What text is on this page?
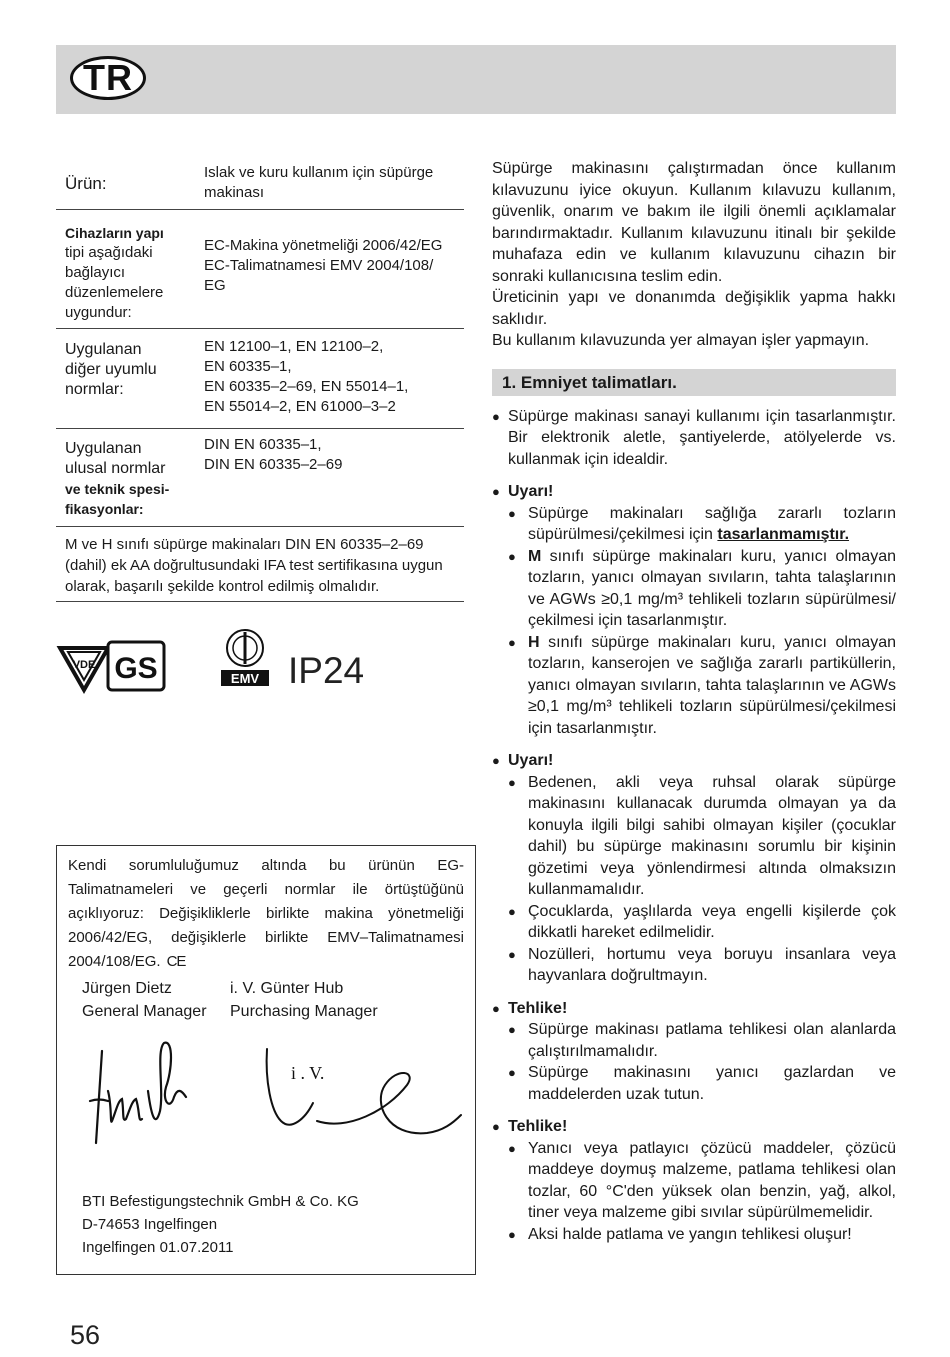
TR
Ürün:
Islak ve kuru kullanım için süpürge
makinası
Cihazların yapı
tipi aşağıdaki
bağlayıcı
düzenlemelere
uygundur:
EC-Makina yönetmeliği 2006/42/EG
EC-Talimatnamesi EMV 2004/108/
EG
Uygulanan
diğer uyumlu
normlar:
EN 12100–1, EN 12100–2,
EN 60335–1,
EN 60335–2–69, EN 55014–1,
EN 55014–2, EN 61000–3–2
Uygulanan
ulusal normlar
ve teknik spesi-
fikasyonlar:
DIN EN 60335–1,
DIN EN 60335–2–69
M ve H sınıfı süpürge makinaları DIN EN 60335–2–69 (dahil) ek AA doğrultusundaki IFA test sertifikasına uygun olarak, başarılı şekilde kontrol edilmiş olmalıdır.
VDE GS	EMV IP24
Kendi sorumluluğumuz altında bu ürünün EG-Talimatnameleri ve geçerli normlar ile örtüştüğünü açıklıyoruz: Değişikliklerle birlikte makina yönetmeliği 2006/42/EG, değişiklerle birlikte EMV–Talimatnamesi 2004/108/EG. CE
Jürgen Dietz
General Manager
i. V. Günter Hub
Purchasing Manager
i . V.
BTI Befestigungstechnik GmbH & Co. KG
D-74653 Ingelfingen
Ingelfingen 01.07.2011

Süpürge makinasını çalıştırmadan önce kullanım kılavuzunu iyice okuyun. Kullanım kılavuzu kullanım, güvenlik, onarım ve bakım ile ilgili önemli açıklamalar barındırmaktadır. Kullanım kılavuzunu itinalı bir şekilde muhafaza edin ve kullanım kılavuzunu cihazın bir sonraki kullanıcısına teslim edin.

Üreticinin yapı ve donanımda değişiklik yapma hakkı saklıdır.

Bu kullanım kılavuzunda yer almayan işler yapmayın.

1. Emniyet talimatları.
● Süpürge makinası sanayi kullanımı için tasarlanmıştır. Bir elektronik aletle, şantiyelerde, atölyelerde vs. kullanmak için idealdir.
● Uyarı!
● Süpürge makinaları sağlığa zararlı tozların süpürülmesi/çekilmesi için tasarlanmamıştır.
● M sınıfı süpürge makinaları kuru, yanıcı olmayan tozların, yanıcı olmayan sıvıların, tahta talaşlarının ve AGWs ≥0,1 mg/m³ tehlikeli tozların süpürülmesi/çekilmesi için tasarlanmıştır.
● H sınıfı süpürge makinaları kuru, yanıcı olmayan tozların, kanserojen ve sağlığa zararlı partiküllerin, yanıcı olmayan sıvıların, tahta talaşlarının ve AGWs ≥0,1 mg/m³ tehlikeli tozların süpürülmesi/çekilmesi için tasarlanmıştır.
● Uyarı!
● Bedenen, akli veya ruhsal olarak süpürge makinasını kullanacak durumda olmayan ya da konuyla ilgili bilgi sahibi olmayan kişiler (çocuklar dahil) bu süpürge makinasını sorumlu bir kişinin gözetimi veya yönlendirmesi altında olmaksızın kullanmamalıdır.
● Çocuklarda, yaşlılarda veya engelli kişilerde çok dikkatli hareket edilmelidir.
● Nozülleri, hortumu veya boruyu insanlara veya hayvanlara doğrultmayın.
● Tehlike!
● Süpürge makinası patlama tehlikesi olan alanlarda çalıştırılmamalıdır.
● Süpürge makinasını yanıcı gazlardan ve maddelerden uzak tutun.
● Tehlike!
● Yanıcı veya patlayıcı çözücü maddeler, çözücü maddeye doymuş malzeme, patlama tehlikesi olan tozlar, 60 °C'den yüksek olan benzin, yağ, alkol, tiner veya malzeme gibi sıvılar süpürülmemelidir.
● Aksi halde patlama ve yangın tehlikesi oluşur!
56
